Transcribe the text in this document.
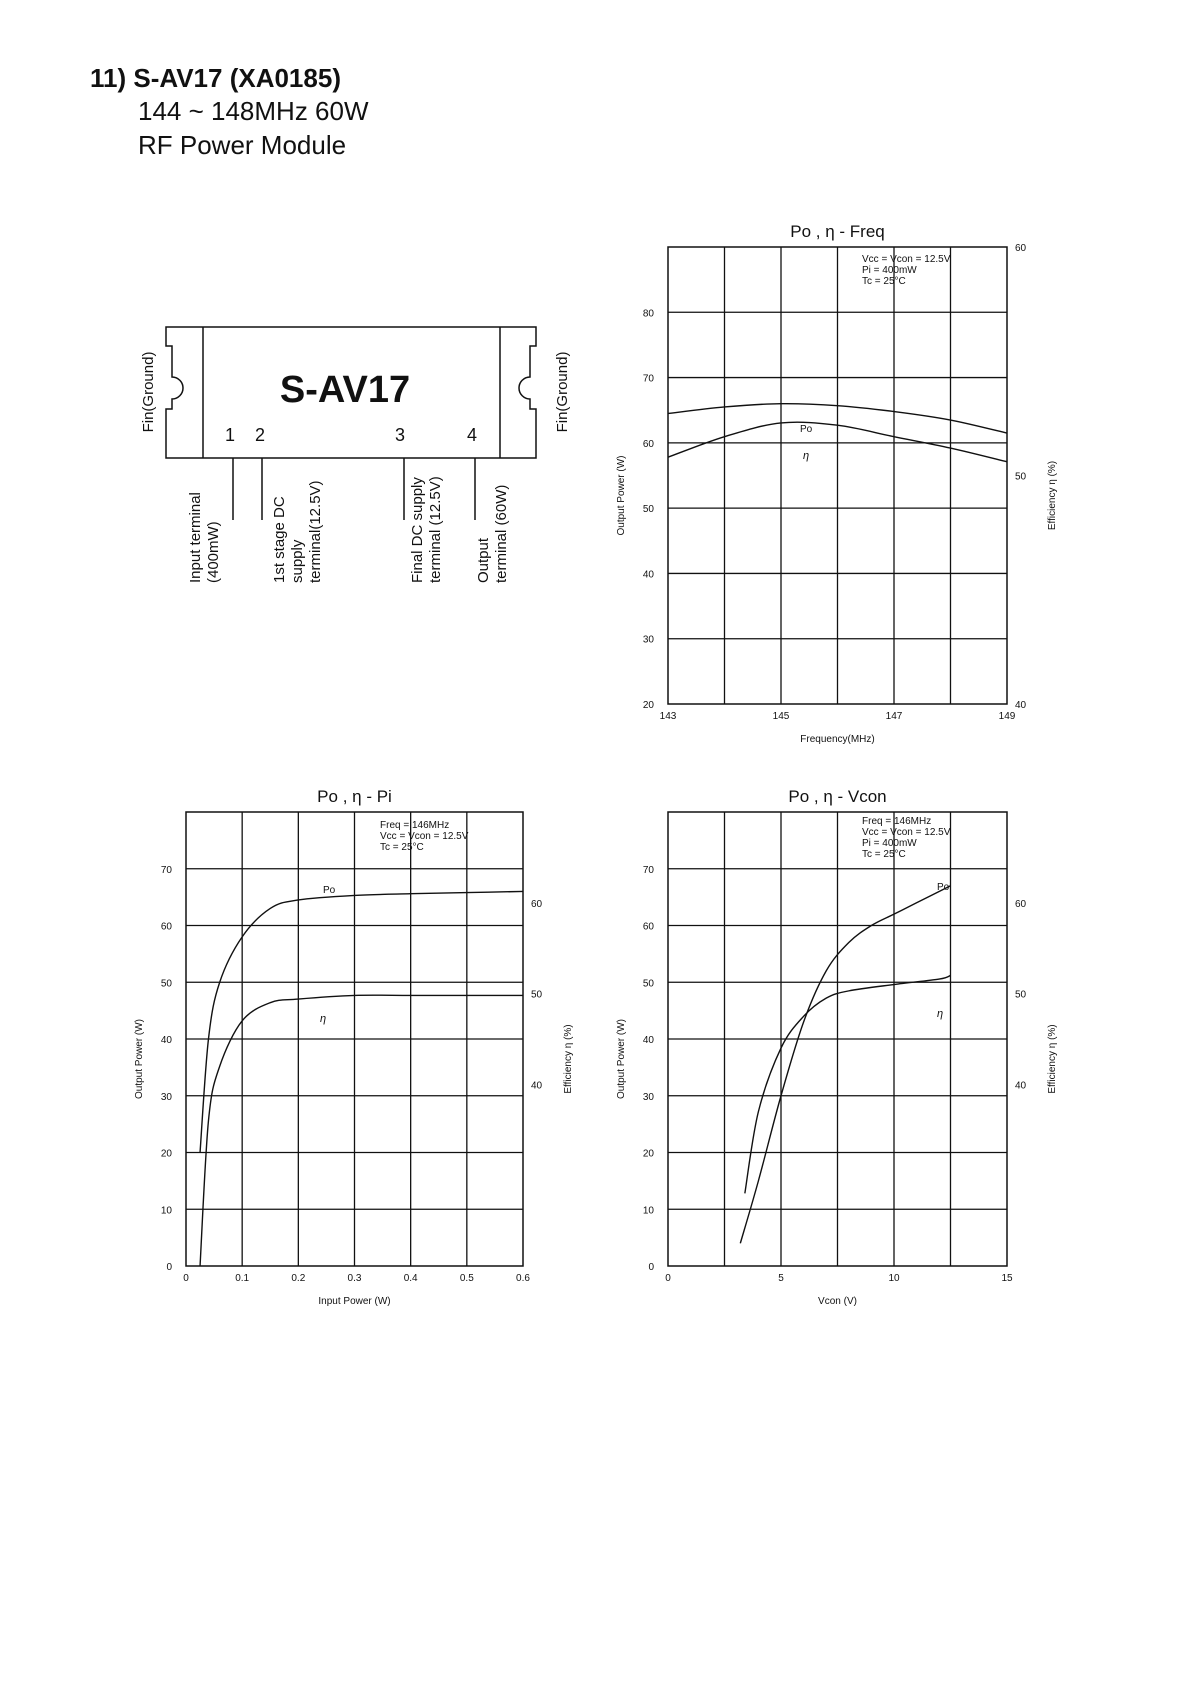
11) S-AV17 (XA0185)
144 ~ 148MHz 60W
RF Power Module
S-AV17
1 2	3	4
Fin(Ground)	Fin(Ground)
Input terminal (400mW)	1st stage DC supply terminal(12.5V)	Final DC supply terminal (12.5V) Output terminal (60W)
Po , η - Freq
20
30
40
50
60
70
80
40
50
60
143	145	147	149
Frequency(MHz)
Output Power (W)	Efficiency η (%)
Vcc = Vcon = 12.5V
Pi = 400mW
Tc = 25°C
Po
η
Po , η - Pi
0
10
20
30
40
50
60
70
40
50
60
0	0.1	0.2	0.3	0.4	0.5	0.6
Input Power (W)
Output Power (W)	Efficiency η (%)
Freq = 146MHz
Vcc = Vcon = 12.5V
Tc = 25°C
Po
η
Po , η - Vcon
0
10
20
30
40
50
60
70
40
50
60
0	5	10	15
Vcon (V)
Output Power (W)	Efficiency η (%)
Freq = 146MHz
Vcc = Vcon = 12.5V
Pi = 400mW
Tc = 25°C
Po
η
